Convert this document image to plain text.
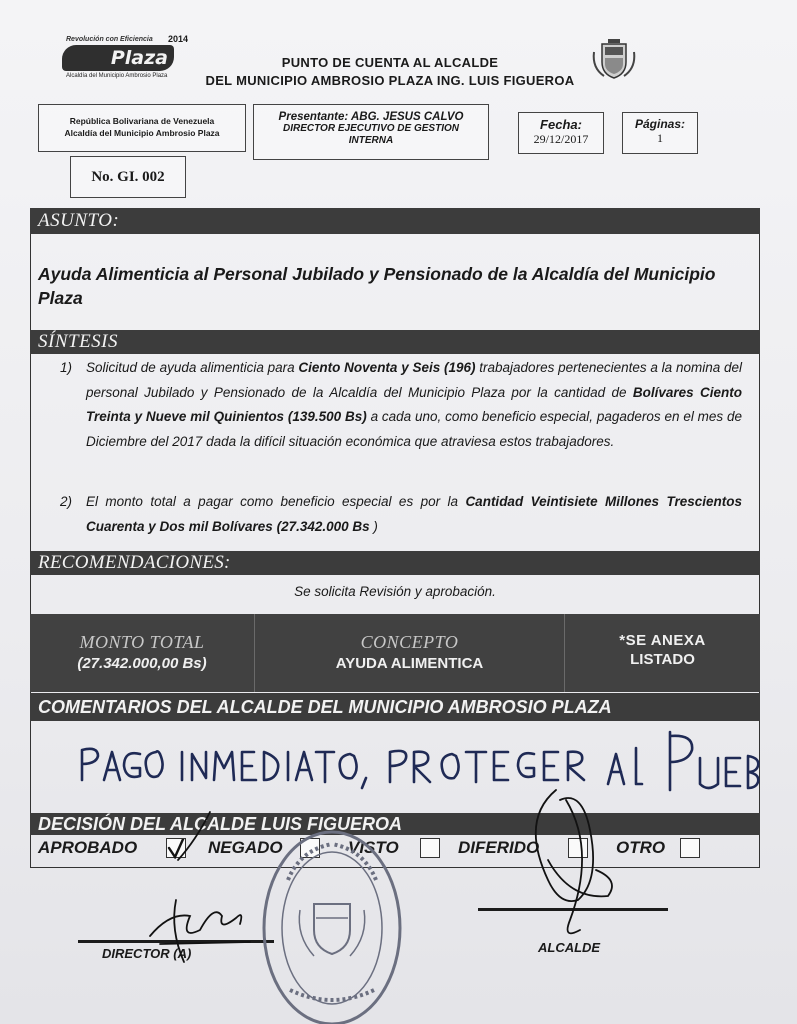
Revolución con Eficiencia 2014
Plaza
Alcaldía del Municipio Ambrosio Plaza
PUNTO DE CUENTA AL ALCALDE
DEL MUNICIPIO AMBROSIO PLAZA ING. LUIS FIGUEROA
República Bolivariana de Venezuela
Alcaldía del Municipio Ambrosio Plaza
Presentante: ABG. JESUS CALVO
DIRECTOR EJECUTIVO DE GESTION
INTERNA
Fecha:
29/12/2017
Páginas:
1
No. GI. 002
ASUNTO:
Ayuda Alimenticia al Personal Jubilado y Pensionado de la Alcaldía del Municipio Plaza
SÍNTESIS
1) Solicitud de ayuda alimenticia para Ciento Noventa y Seis (196) trabajadores pertenecientes a la nomina del personal Jubilado y Pensionado de la Alcaldía del Municipio Plaza por la cantidad de Bolívares Ciento Treinta y Nueve mil Quinientos (139.500 Bs) a cada uno, como beneficio especial, pagaderos en el mes de Diciembre del 2017 dada la difícil situación económica que atraviesa estos trabajadores.
2) El monto total a pagar como beneficio especial es por la Cantidad Veintisiete Millones Trescientos Cuarenta y Dos mil Bolívares (27.342.000 Bs )
RECOMENDACIONES:
Se solicita Revisión y aprobación.
MONTO TOTAL
(27.342.000,00 Bs)
CONCEPTO
AYUDA ALIMENTICA
*SE ANEXA
LISTADO
COMENTARIOS DEL ALCALDE DEL MUNICIPIO AMBROSIO PLAZA
DECISIÓN DEL ALCALDE LUIS FIGUEROA
APROBADO	NEGADO	VISTO	DIFERIDO	OTRO
DIRECTOR (A)	ALCALDE
